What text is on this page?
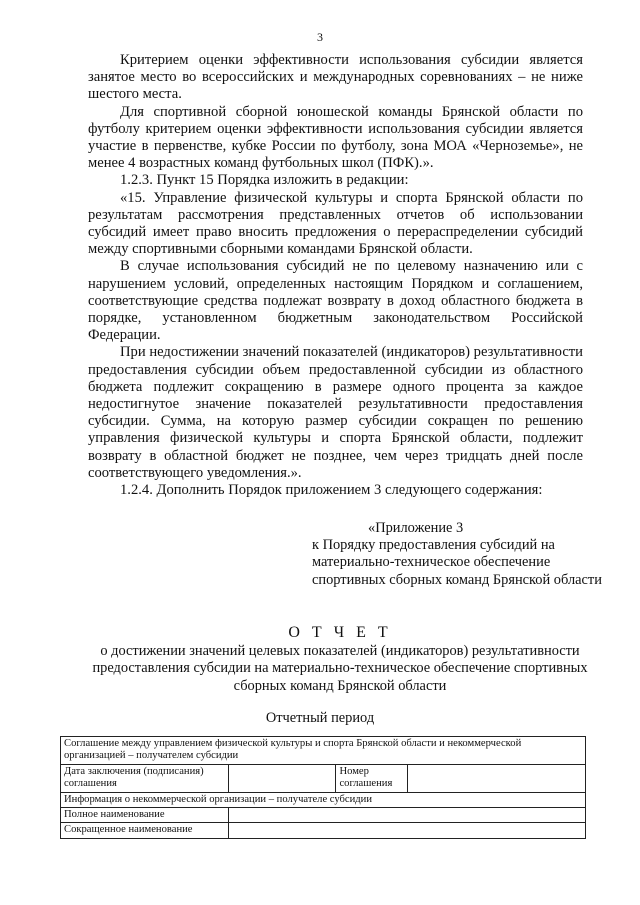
3

Критерием оценки эффективности использования субсидии является занятое место во всероссийских и международных соревнованиях – не ниже шестого места.

Для спортивной сборной юношеской команды Брянской области по футболу критерием оценки эффективности использования субсидии является участие в первенстве, кубке России по футболу, зона МОА «Черноземье», не менее 4 возрастных команд футбольных школ (ПФК).».

1.2.3. Пункт 15 Порядка изложить в редакции:

«15. Управление физической культуры и спорта Брянской области по результатам рассмотрения представленных отчетов об использовании субсидий имеет право вносить предложения о перераспределении субсидий между спортивными сборными командами Брянской области.

В случае использования субсидий не по целевому назначению или с нарушением условий, определенных настоящим Порядком и соглашением, соответствующие средства подлежат возврату в доход областного бюджета в порядке, установленном бюджетным законодательством Российской Федерации.

При недостижении значений показателей (индикаторов) результативности предоставления субсидии объем предоставленной субсидии из областного бюджета подлежит сокращению в размере одного процента за каждое недостигнутое значение показателей результативности предоставления субсидии. Сумма, на которую размер субсидии сокращен по решению управления физической культуры и спорта Брянской области, подлежит возврату в областной бюджет не позднее, чем через тридцать дней после соответствующего уведомления.».

1.2.4. Дополнить Порядок приложением 3 следующего содержания:

«Приложение 3
к Порядку предоставления субсидий на материально-техническое обеспечение спортивных сборных команд Брянской области
О Т Ч Е Т
о достижении значений целевых показателей (индикаторов) результативности предоставления субсидии на материально-техническое обеспечение спортивных сборных команд Брянской области
Отчетный период
Соглашение между управлением физической культуры и спорта Брянской области и некоммерческой организацией – получателем субсидии			
Дата заключения (подписания) соглашения		Номер соглашения	
Информация о некоммерческой организации – получателе субсидии			
Полное наименование			
Сокращенное наименование			
